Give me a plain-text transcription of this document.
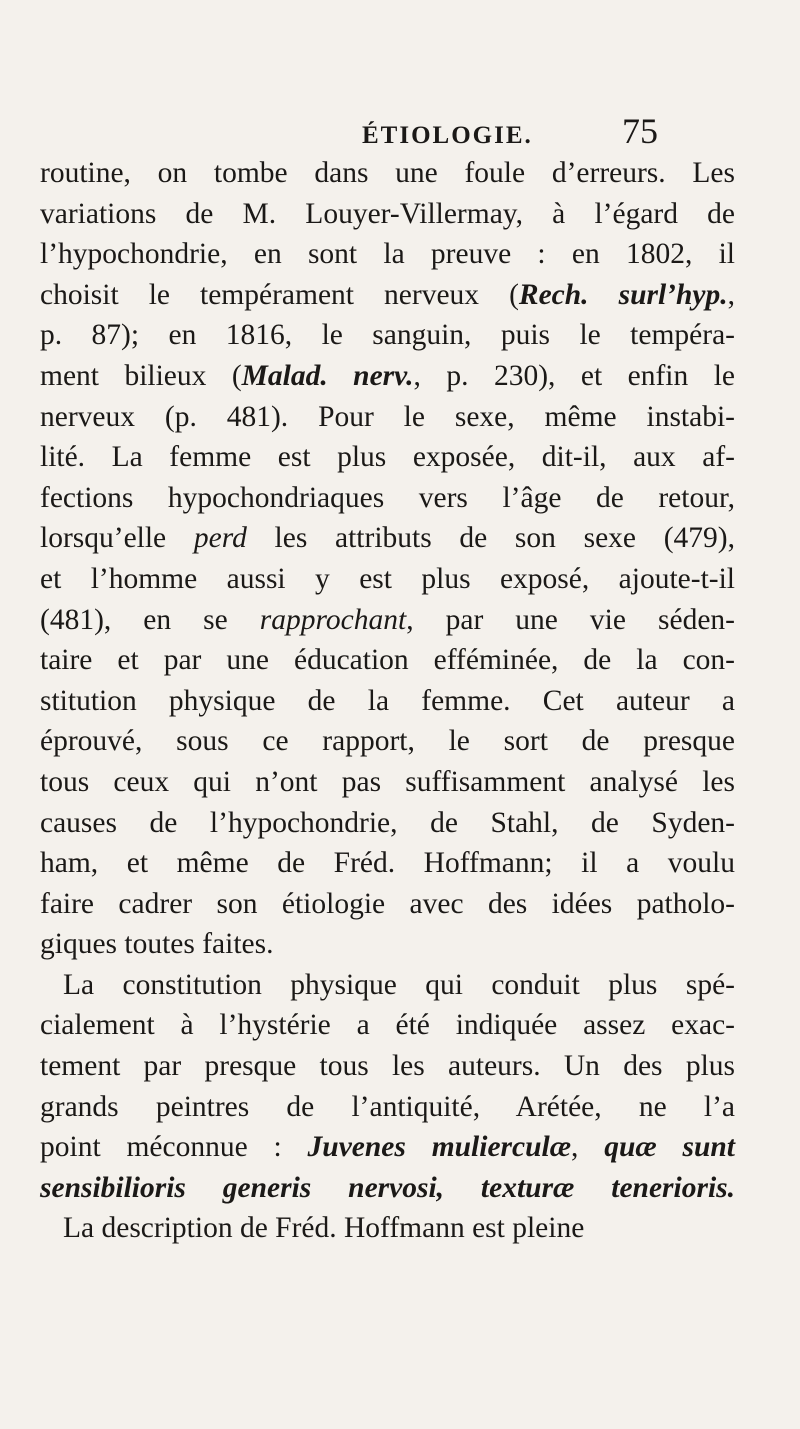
ÉTIOLOGIE. 75

routine, on tombe dans une foule d’erreurs. Les

variations de M. Louyer-Villermay, à l’égard de

l’hypochondrie, en sont la preuve : en 1802, il

choisit le tempérament nerveux (Rech. surl’hyp.,

p. 87); en 1816, le sanguin, puis le tempéra-

ment bilieux (Malad. nerv., p. 230), et enfin le

nerveux (p. 481). Pour le sexe, même instabi-

lité. La femme est plus exposée, dit-il, aux af-

fections hypochondriaques vers l’âge de retour,

lorsqu’elle perd les attributs de son sexe (479),

et l’homme aussi y est plus exposé, ajoute-t-il

(481), en se rapprochant, par une vie séden-

taire et par une éducation efféminée, de la con-

stitution physique de la femme. Cet auteur a

éprouvé, sous ce rapport, le sort de presque

tous ceux qui n’ont pas suffisamment analysé les

causes de l’hypochondrie, de Stahl, de Syden-

ham, et même de Fréd. Hoffmann; il a voulu

faire cadrer son étiologie avec des idées patholo-

giques toutes faites.

La constitution physique qui conduit plus spé-

cialement à l’hystérie a été indiquée assez exac-

tement par presque tous les auteurs. Un des plus

grands peintres de l’antiquité, Arétée, ne l’a

point méconnue : Juvenes mulierculæ, quæ sunt

sensibilioris generis nervosi, texturæ tenerioris.

La description de Fréd. Hoffmann est pleine
